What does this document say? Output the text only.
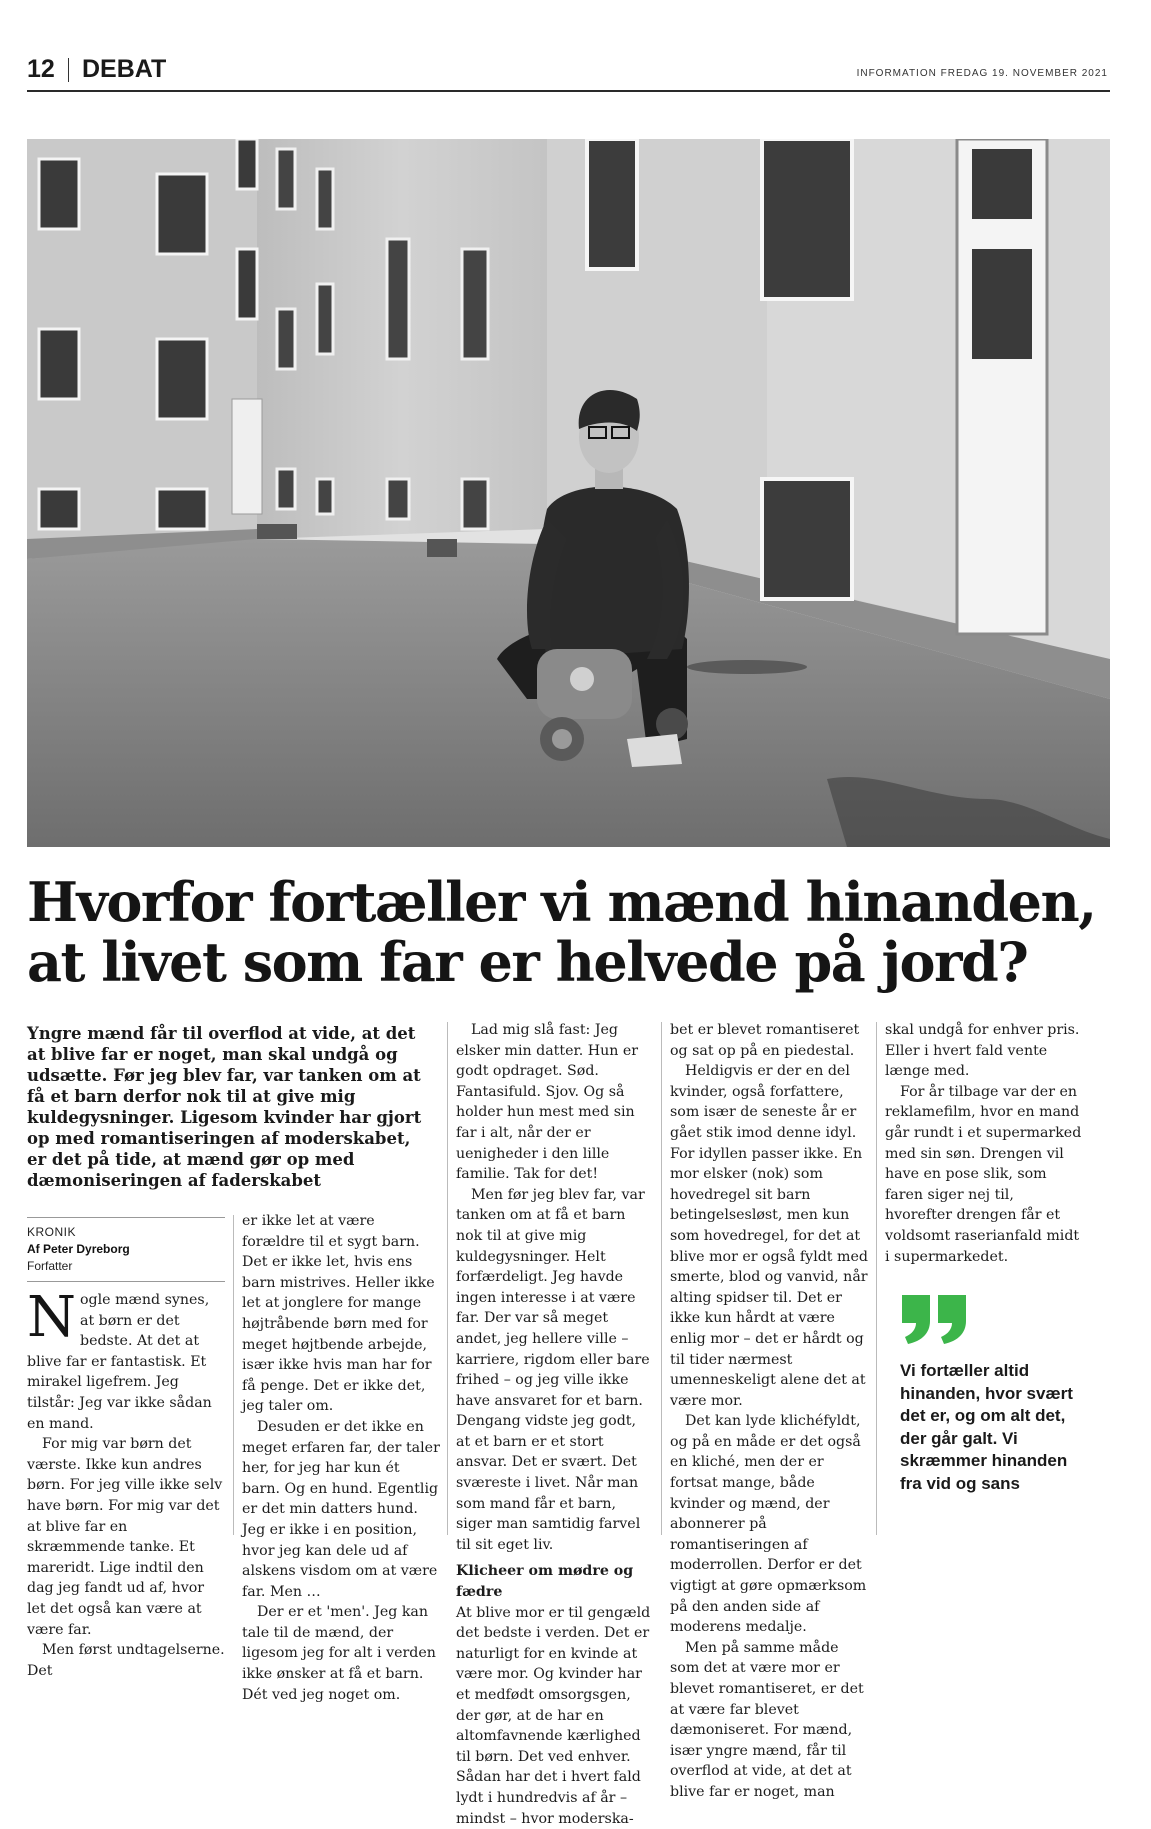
12 DEBAT	INFORMATION FREDAG 19. NOVEMBER 2021
Hvorfor fortæller vi mænd hinanden, at livet som far er helvede på jord?

Yngre mænd får til overflod at vide, at det at blive far er noget, man skal undgå og udsætte. Før jeg blev far, var tanken om at få et barn derfor nok til at give mig kuldegysninger. Ligesom kvinder har gjort op med romantiseringen af moderskabet, er det på tide, at mænd gør op med dæmoniseringen af faderskabet

KRONIK
Af Peter Dyreborg
Forfatter

Nogle mænd synes, at børn er det bedste. At det at blive far er fantastisk. Et mirakel ligefrem. Jeg tilstår: Jeg var ikke sådan en mand.

For mig var børn det værste. Ikke kun andres børn. For jeg ville ikke selv have børn. For mig var det at blive far en skræmmende tanke. Et mareridt. Lige indtil den dag jeg fandt ud af, hvor let det også kan være at være far.

Men først undtagelserne. Det

er ikke let at være forældre til et sygt barn. Det er ikke let, hvis ens barn mistrives. Heller ikke let at jonglere for mange højtråbende børn med for meget højtbende arbejde, især ikke hvis man har for få penge. Det er ikke det, jeg taler om.

Desuden er det ikke en meget erfaren far, der taler her, for jeg har kun ét barn. Og en hund. Egentlig er det min datters hund. Jeg er ikke i en position, hvor jeg kan dele ud af alskens visdom om at være far. Men …

Der er et 'men'. Jeg kan tale til de mænd, der ligesom jeg for alt i verden ikke ønsker at få et barn. Dét ved jeg noget om.

Lad mig slå fast: Jeg elsker min datter. Hun er godt opdraget. Sød. Fantasifuld. Sjov. Og så holder hun mest med sin far i alt, når der er uenigheder i den lille familie. Tak for det!

Men før jeg blev far, var tanken om at få et barn nok til at give mig kuldegysninger. Helt forfærdeligt. Jeg havde ingen interesse i at være far. Der var så meget andet, jeg hellere ville – karriere, rigdom eller bare frihed – og jeg ville ikke have ansvaret for et barn. Dengang vidste jeg godt, at et barn er et stort ansvar. Det er svært. Det sværeste i livet. Når man som mand får et barn, siger man samtidig farvel til sit eget liv.

Klicheer om mødre og fædre

At blive mor er til gengæld det bedste i verden. Det er naturligt for en kvinde at være mor. Og kvinder har et medfødt omsorgsgen, der gør, at de har en altomfavnende kærlighed til børn. Det ved enhver. Sådan har det i hvert fald lydt i hundredvis af år – mindst – hvor moderska-

bet er blevet romantiseret og sat op på en piedestal.

Heldigvis er der en del kvinder, også forfattere, som især de seneste år er gået stik imod denne idyl. For idyllen passer ikke. En mor elsker (nok) som hovedregel sit barn betingelsesløst, men kun som hovedregel, for det at blive mor er også fyldt med smerte, blod og vanvid, når alting spidser til. Det er ikke kun hårdt at være enlig mor – det er hårdt og til tider nærmest umenneskeligt alene det at være mor.

Det kan lyde klichéfyldt, og på en måde er det også en kliché, men der er fortsat mange, både kvinder og mænd, der abonnerer på romantiseringen af moderrollen. Derfor er det vigtigt at gøre opmærksom på den anden side af moderens medalje.

Men på samme måde som det at være mor er blevet romantiseret, er det at være far blevet dæmoniseret. For mænd, især yngre mænd, får til overflod at vide, at det at blive far er noget, man

skal undgå for enhver pris. Eller i hvert fald vente længe med.

For år tilbage var der en reklamefilm, hvor en mand går rundt i et supermarked med sin søn. Drengen vil have en pose slik, som faren siger nej til, hvorefter drengen får et voldsomt raserianfald midt i supermarkedet.

Vi fortæller altid hinanden, hvor svært det er, og om alt det, der går galt. Vi skræmmer hinanden fra vid og sans
